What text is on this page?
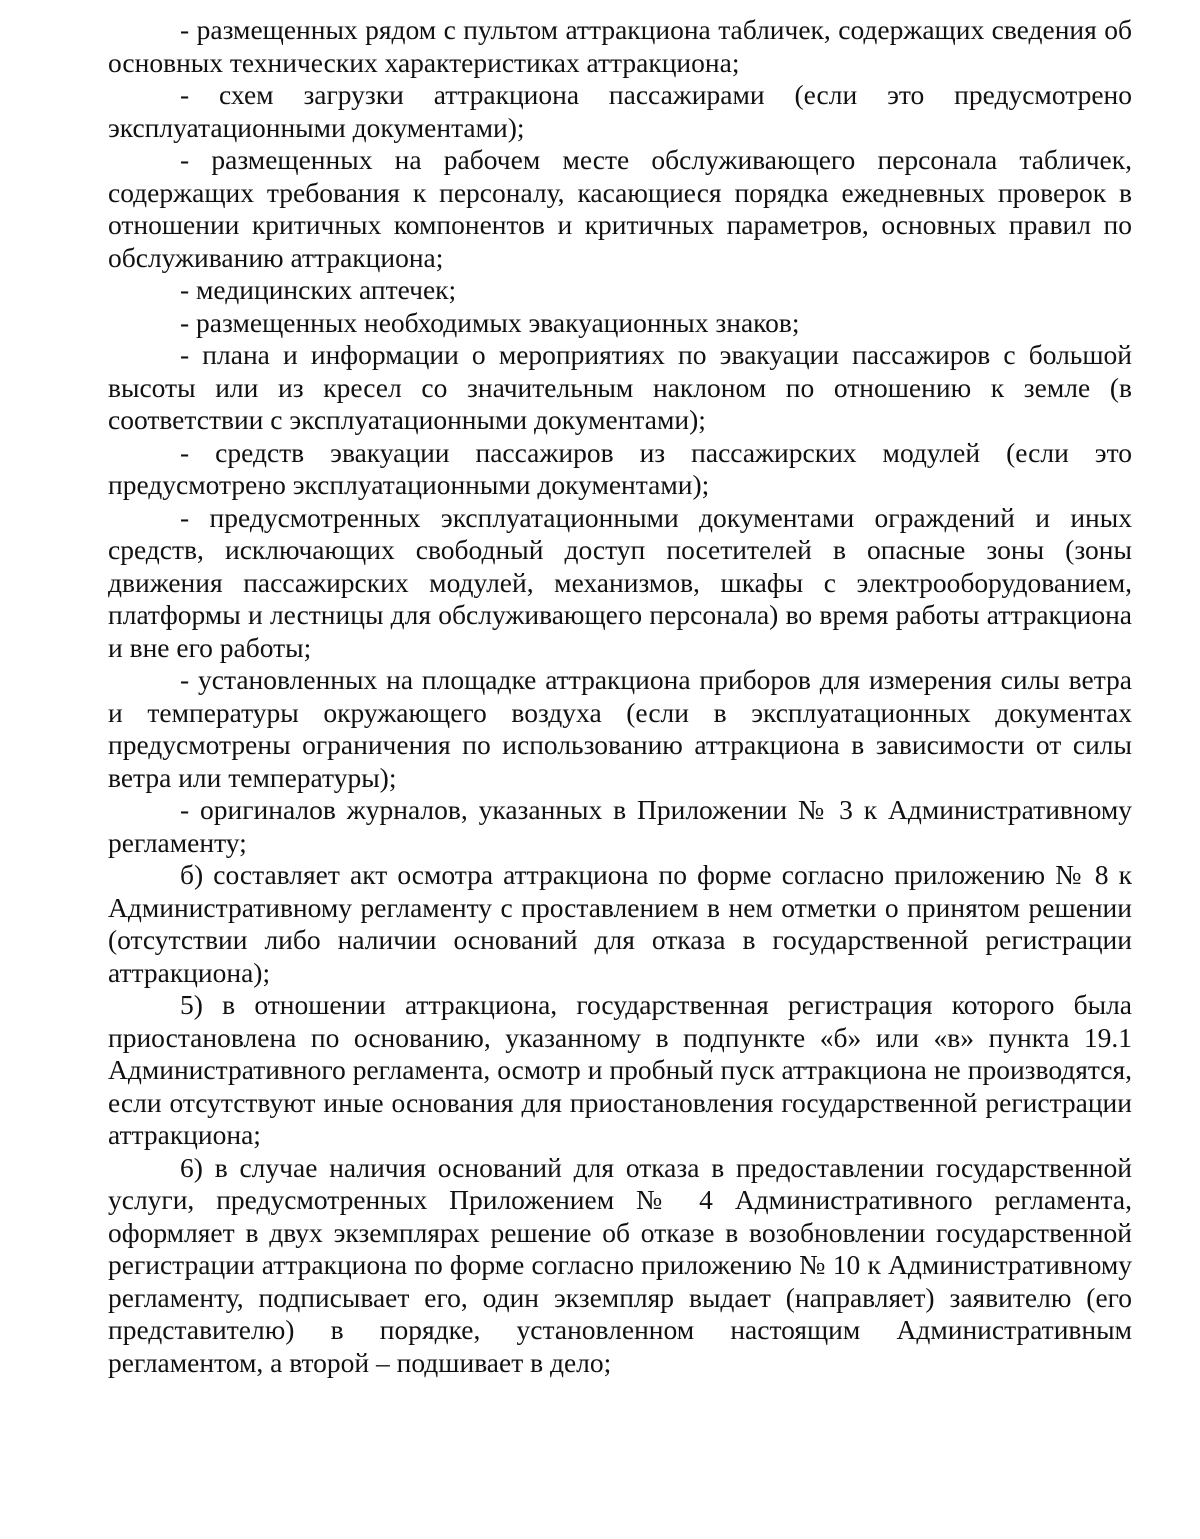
- размещенных рядом с пультом аттракциона табличек, содержащих сведения об основных технических характеристиках аттракциона;

- схем загрузки аттракциона пассажирами (если это предусмотрено эксплуатационными документами);

- размещенных на рабочем месте обслуживающего персонала табличек, содержащих требования к персоналу, касающиеся порядка ежедневных проверок в отношении критичных компонентов и критичных параметров, основных правил по обслуживанию аттракциона;

- медицинских аптечек;

- размещенных необходимых эвакуационных знаков;

- плана и информации о мероприятиях по эвакуации пассажиров с большой высоты или из кресел со значительным наклоном по отношению к земле (в соответствии с эксплуатационными документами);

- средств эвакуации пассажиров из пассажирских модулей (если это предусмотрено эксплуатационными документами);

- предусмотренных эксплуатационными документами ограждений и иных средств, исключающих свободный доступ посетителей в опасные зоны (зоны движения пассажирских модулей, механизмов, шкафы с электрооборудованием, платформы и лестницы для обслуживающего персонала) во время работы аттракциона и вне его работы;

- установленных на площадке аттракциона приборов для измерения силы ветра и температуры окружающего воздуха (если в эксплуатационных документах предусмотрены ограничения по использованию аттракциона в зависимости от силы ветра или температуры);

- оригиналов журналов, указанных в Приложении № 3 к Административному регламенту;

б) составляет акт осмотра аттракциона по форме согласно приложению № 8 к Административному регламенту с проставлением в нем отметки о принятом решении (отсутствии либо наличии оснований для отказа в государственной регистрации аттракциона);

5) в отношении аттракциона, государственная регистрация которого была приостановлена по основанию, указанному в подпункте «б» или «в» пункта 19.1 Административного регламента, осмотр и пробный пуск аттракциона не производятся, если отсутствуют иные основания для приостановления государственной регистрации аттракциона;

6) в случае наличия оснований для отказа в предоставлении государственной услуги, предусмотренных Приложением № 4 Административного регламента, оформляет в двух экземплярах решение об отказе в возобновлении государственной регистрации аттракциона по форме согласно приложению № 10 к Административному регламенту, подписывает его, один экземпляр выдает (направляет) заявителю (его представителю) в порядке, установленном настоящим Административным регламентом, а второй – подшивает в дело;
